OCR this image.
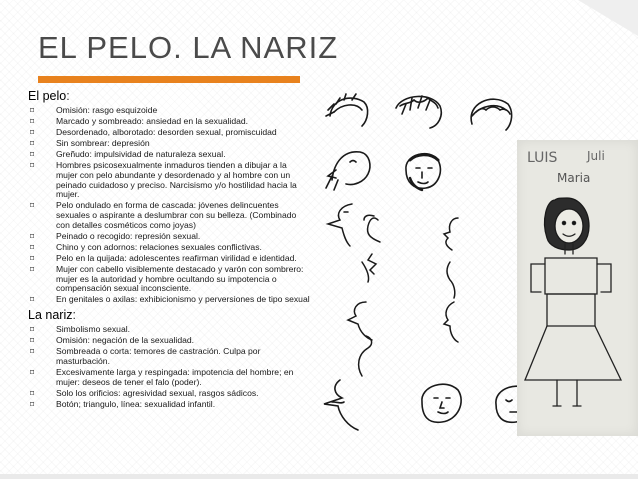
EL PELO. LA NARIZ
El pelo:
⌑	Omisión: rasgo esquizoide
⌑	Marcado y sombreado: ansiedad en la sexualidad.
⌑	Desordenado, alborotado: desorden sexual, promiscuidad
⌑	Sin sombrear: depresión
⌑	Greñudo: impulsividad de naturaleza sexual.
⌑	Hombres psicosexualmente inmaduros tienden a dibujar a la mujer con pelo abundante y desordenado y al hombre con un peinado cuidadoso y preciso. Narcisismo y/o hostilidad hacia la mujer.
⌑	Pelo ondulado en forma de cascada: jóvenes delincuentes sexuales o aspirante a deslumbrar con su belleza. (Combinado con detalles cosméticos como joyas)
⌑	Peinado o recogido: represión sexual.
⌑	Chino y con adornos: relaciones sexuales conflictivas.
⌑	Pelo en la quijada: adolescentes reafirman virilidad e identidad.
⌑	Mujer con cabello visiblemente destacado y varón con sombrero: mujer es la autoridad y hombre ocultando su impotencia o compensación sexual inconsciente.
⌑	En genitales o axilas: exhibicionismo y perversiones de tipo sexual
La nariz:
⌑	Simbolismo sexual.
⌑	Omisión: negación de la sexualidad.
⌑	Sombreada o corta: temores de castración. Culpa por masturbación.
⌑	Excesivamente larga y respingada: impotencia del hombre; en mujer: deseos de tener el falo (poder).
⌑	Solo los orificios: agresividad sexual, rasgos sádicos.
⌑	Botón; triangulo, línea: sexualidad infantil.
LUIS Juli
Maria
